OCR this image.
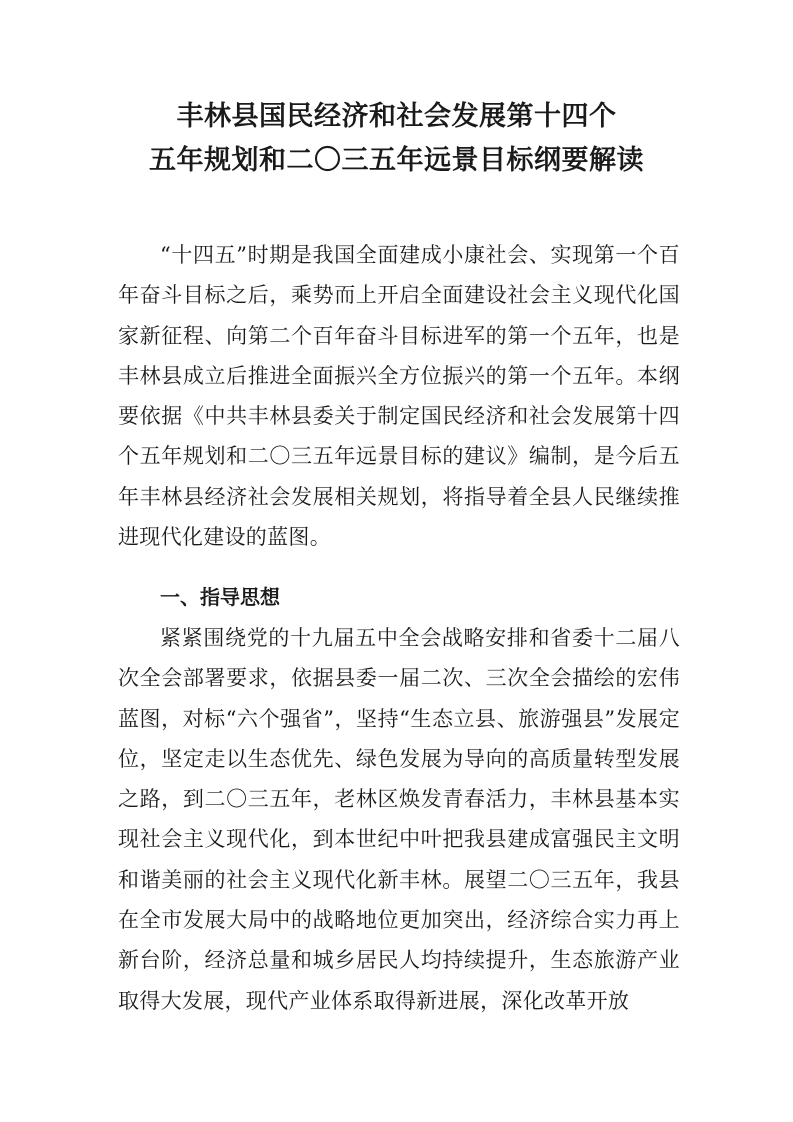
丰林县国民经济和社会发展第十四个
五年规划和二〇三五年远景目标纲要解读

“十四五”时期是我国全面建成小康社会、实现第一个百年奋斗目标之后，乘势而上开启全面建设社会主义现代化国家新征程、向第二个百年奋斗目标进军的第一个五年，也是丰林县成立后推进全面振兴全方位振兴的第一个五年。本纲要依据《中共丰林县委关于制定国民经济和社会发展第十四个五年规划和二〇三五年远景目标的建议》编制，是今后五年丰林县经济社会发展相关规划，将指导着全县人民继续推进现代化建设的蓝图。

一、指导思想

紧紧围绕党的十九届五中全会战略安排和省委十二届八次全会部署要求，依据县委一届二次、三次全会描绘的宏伟蓝图，对标“六个强省”，坚持“生态立县、旅游强县”发展定位，坚定走以生态优先、绿色发展为导向的高质量转型发展之路，到二〇三五年，老林区焕发青春活力，丰林县基本实现社会主义现代化，到本世纪中叶把我县建成富强民主文明和谐美丽的社会主义现代化新丰林。展望二〇三五年，我县在全市发展大局中的战略地位更加突出，经济综合实力再上新台阶，经济总量和城乡居民人均持续提升，生态旅游产业取得大发展，现代产业体系取得新进展，深化改革开放
